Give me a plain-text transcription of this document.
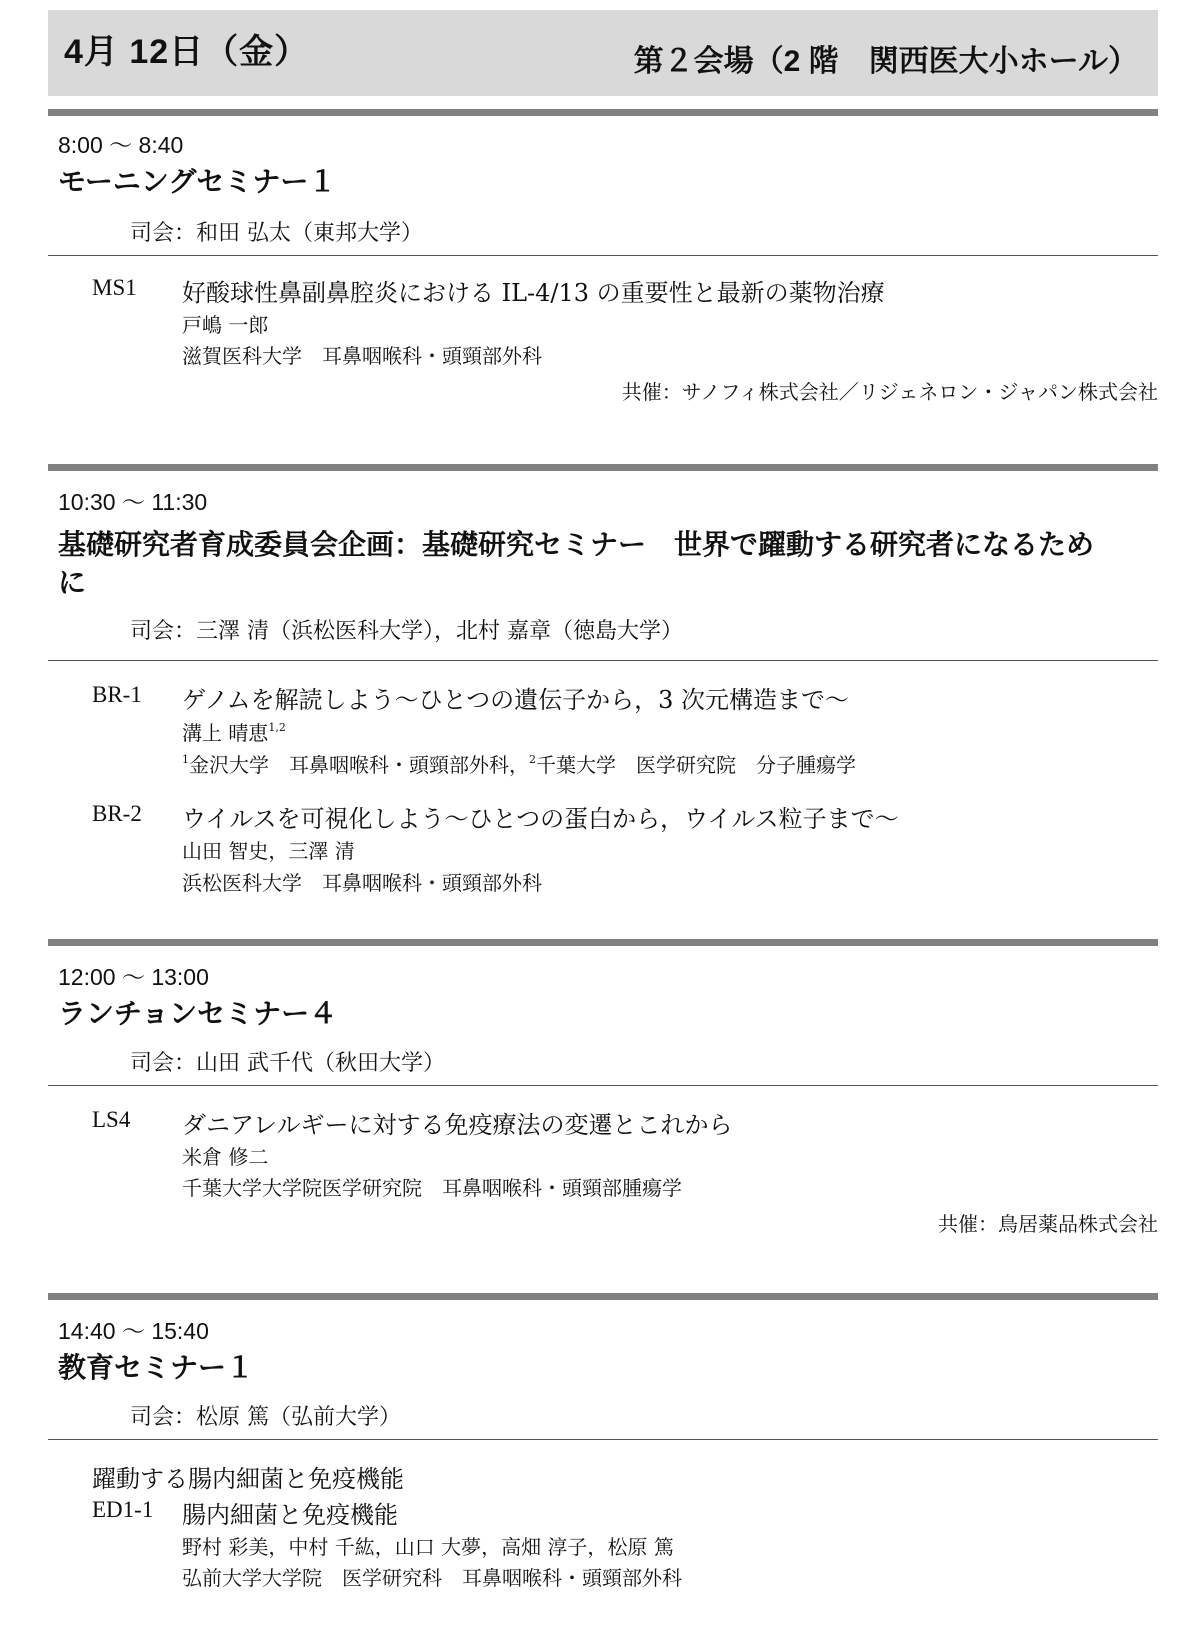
4月 12日（金）	第２会場（2 階　関西医大小ホール）
8:00 〜 8:40
モーニングセミナー１
司会：和田 弘太（東邦大学）
MS1 好酸球性鼻副鼻腔炎における IL-4/13 の重要性と最新の薬物治療
戸嶋 一郎
滋賀医科大学　耳鼻咽喉科・頭頸部外科
共催：サノフィ株式会社／リジェネロン・ジャパン株式会社
10:30 〜 11:30
基礎研究者育成委員会企画：基礎研究セミナー　世界で躍動する研究者になるために
司会：三澤 清（浜松医科大学），北村 嘉章（徳島大学）
BR-1 ゲノムを解読しよう〜ひとつの遺伝子から，3 次元構造まで〜
溝上 晴恵$^{1,2}$
$^1$金沢大学　耳鼻咽喉科・頭頸部外科，$^2$千葉大学　医学研究院　分子腫瘍学
BR-2 ウイルスを可視化しよう〜ひとつの蛋白から，ウイルス粒子まで〜
山田 智史，三澤 清
浜松医科大学　耳鼻咽喉科・頭頸部外科
12:00 〜 13:00
ランチョンセミナー４
司会：山田 武千代（秋田大学）
LS4 ダニアレルギーに対する免疫療法の変遷とこれから
米倉 修二
千葉大学大学院医学研究院　耳鼻咽喉科・頭頸部腫瘍学
共催：鳥居薬品株式会社
14:40 〜 15:40
教育セミナー１
司会：松原 篤（弘前大学）
躍動する腸内細菌と免疫機能
ED1-1 腸内細菌と免疫機能
野村 彩美，中村 千紘，山口 大夢，高畑 淳子，松原 篤
弘前大学大学院　医学研究科　耳鼻咽喉科・頭頸部外科
